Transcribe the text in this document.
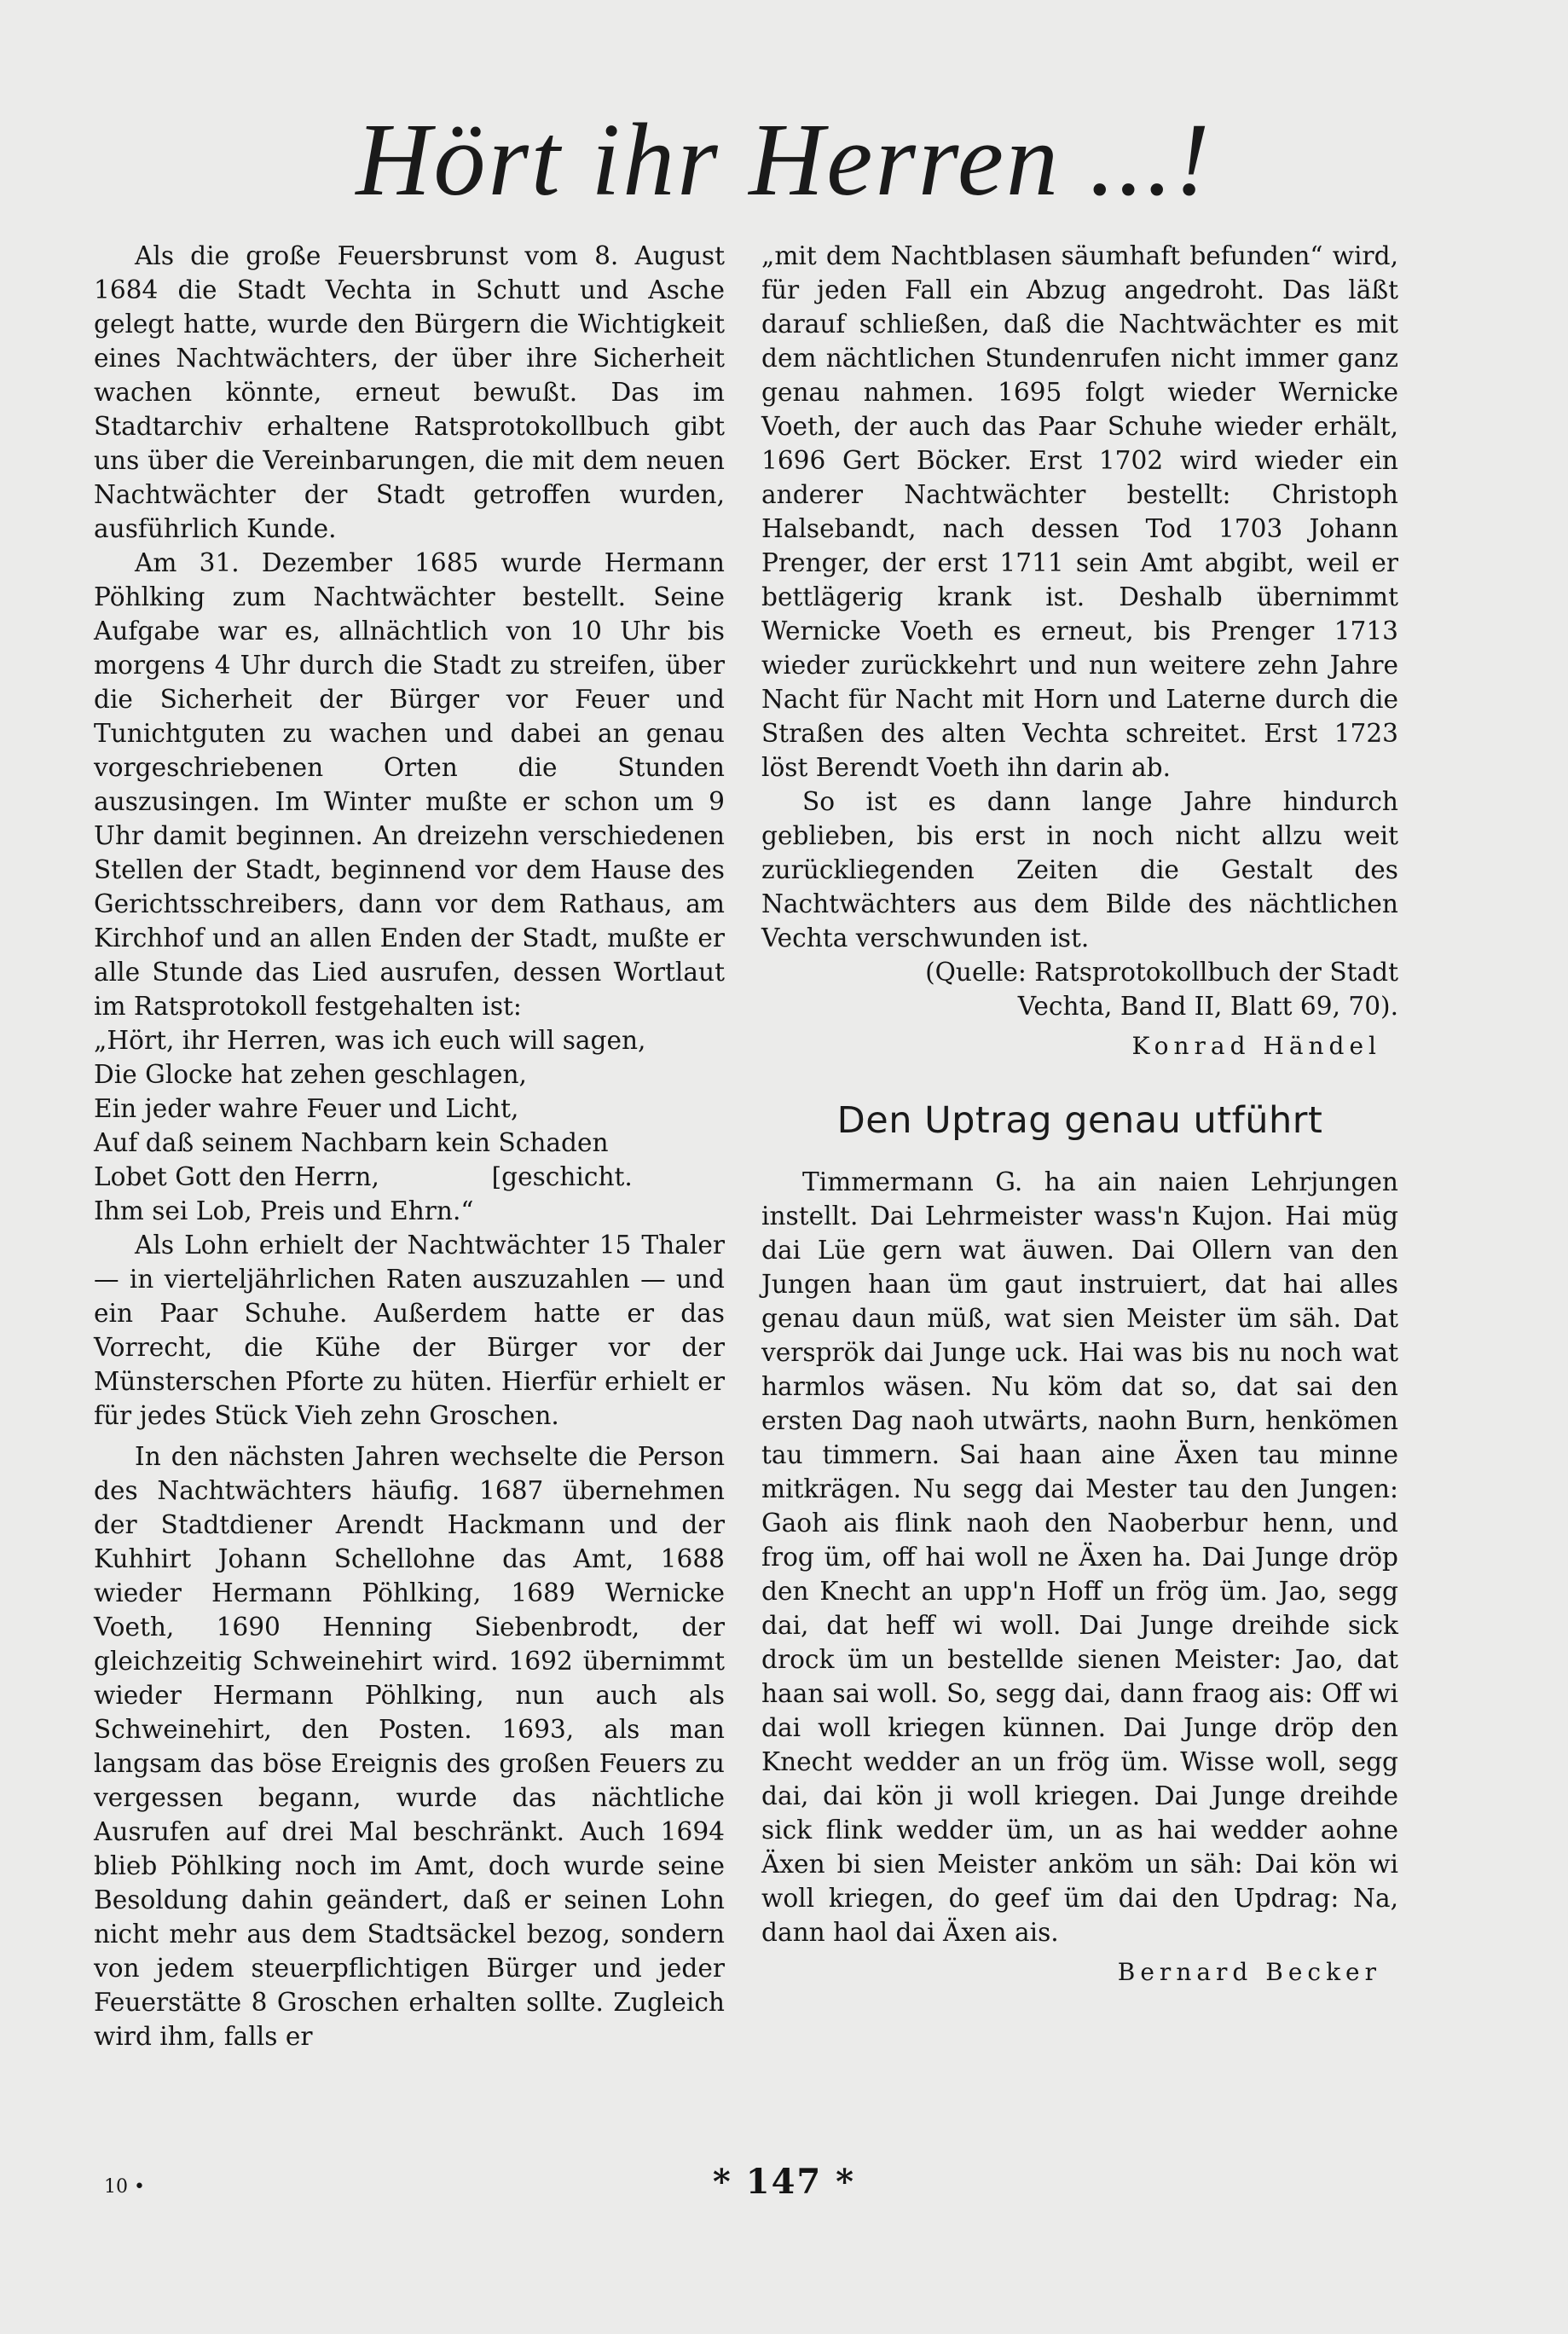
Hört ihr Herren ...!

Als die große Feuersbrunst vom 8. August 1684 die Stadt Vechta in Schutt und Asche gelegt hatte, wurde den Bürgern die Wichtigkeit eines Nachtwächters, der über ihre Sicherheit wachen könnte, erneut bewußt. Das im Stadtarchiv erhaltene Ratsprotokollbuch gibt uns über die Vereinbarungen, die mit dem neuen Nachtwächter der Stadt getroffen wurden, ausführlich Kunde.

Am 31. Dezember 1685 wurde Hermann Pöhlking zum Nachtwächter bestellt. Seine Aufgabe war es, allnächtlich von 10 Uhr bis morgens 4 Uhr durch die Stadt zu streifen, über die Sicherheit der Bürger vor Feuer und Tunichtguten zu wachen und dabei an genau vorgeschriebenen Orten die Stunden auszusingen. Im Winter mußte er schon um 9 Uhr damit beginnen. An dreizehn verschiedenen Stellen der Stadt, beginnend vor dem Hause des Gerichtsschreibers, dann vor dem Rathaus, am Kirchhof und an allen Enden der Stadt, mußte er alle Stunde das Lied ausrufen, dessen Wortlaut im Ratsprotokoll festgehalten ist:

„Hört, ihr Herren, was ich euch will sagen,
Die Glocke hat zehen geschlagen,
Ein jeder wahre Feuer und Licht,
Auf daß seinem Nachbarn kein Schaden
Lobet Gott den Herrn,              [geschicht.
Ihm sei Lob, Preis und Ehrn.“

Als Lohn erhielt der Nachtwächter 15 Thaler — in vierteljährlichen Raten auszuzahlen — und ein Paar Schuhe. Außerdem hatte er das Vorrecht, die Kühe der Bürger vor der Münsterschen Pforte zu hüten. Hierfür erhielt er für jedes Stück Vieh zehn Groschen.

In den nächsten Jahren wechselte die Person des Nachtwächters häufig. 1687 übernehmen der Stadtdiener Arendt Hackmann und der Kuhhirt Johann Schellohne das Amt, 1688 wieder Hermann Pöhlking, 1689 Wernicke Voeth, 1690 Henning Siebenbrodt, der gleichzeitig Schweinehirt wird. 1692 übernimmt wieder Hermann Pöhlking, nun auch als Schweinehirt, den Posten. 1693, als man langsam das böse Ereignis des großen Feuers zu vergessen begann, wurde das nächtliche Ausrufen auf drei Mal beschränkt. Auch 1694 blieb Pöhlking noch im Amt, doch wurde seine Besoldung dahin geändert, daß er seinen Lohn nicht mehr aus dem Stadtsäckel bezog, sondern von jedem steuerpflichtigen Bürger und jeder Feuerstätte 8 Groschen erhalten sollte. Zugleich wird ihm, falls er

„mit dem Nachtblasen säumhaft befunden“ wird, für jeden Fall ein Abzug angedroht. Das läßt darauf schließen, daß die Nachtwächter es mit dem nächtlichen Stundenrufen nicht immer ganz genau nahmen. 1695 folgt wieder Wernicke Voeth, der auch das Paar Schuhe wieder erhält, 1696 Gert Böcker. Erst 1702 wird wieder ein anderer Nachtwächter bestellt: Christoph Halsebandt, nach dessen Tod 1703 Johann Prenger, der erst 1711 sein Amt abgibt, weil er bettlägerig krank ist. Deshalb übernimmt Wernicke Voeth es erneut, bis Prenger 1713 wieder zurückkehrt und nun weitere zehn Jahre Nacht für Nacht mit Horn und Laterne durch die Straßen des alten Vechta schreitet. Erst 1723 löst Berendt Voeth ihn darin ab.

So ist es dann lange Jahre hindurch geblieben, bis erst in noch nicht allzu weit zurückliegenden Zeiten die Gestalt des Nachtwächters aus dem Bilde des nächtlichen Vechta verschwunden ist.

(Quelle: Ratsprotokollbuch der Stadt Vechta, Band II, Blatt 69, 70).

Konrad Händel
Den Uptrag genau utführt

Timmermann G. ha ain naien Lehrjungen instellt. Dai Lehrmeister wass'n Kujon. Hai müg dai Lüe gern wat äuwen. Dai Ollern van den Jungen haan üm gaut instruiert, dat hai alles genau daun müß, wat sien Meister üm säh. Dat versprök dai Junge uck. Hai was bis nu noch wat harmlos wäsen. Nu köm dat so, dat sai den ersten Dag naoh utwärts, naohn Burn, henkömen tau timmern. Sai haan aine Äxen tau minne mitkrägen. Nu segg dai Mester tau den Jungen: Gaoh ais flink naoh den Naoberbur henn, und frog üm, off hai woll ne Äxen ha. Dai Junge dröp den Knecht an upp'n Hoff un frög üm. Jao, segg dai, dat heff wi woll. Dai Junge dreihde sick drock üm un bestellde sienen Meister: Jao, dat haan sai woll. So, segg dai, dann fraog ais: Off wi dai woll kriegen künnen. Dai Junge dröp den Knecht wedder an un frög üm. Wisse woll, segg dai, dai kön ji woll kriegen. Dai Junge dreihde sick flink wedder üm, un as hai wedder aohne Äxen bi sien Meister anköm un säh: Dai kön wi woll kriegen, do geef üm dai den Updrag: Na, dann haol dai Äxen ais.

Bernard Becker
10 •	* 147 *
